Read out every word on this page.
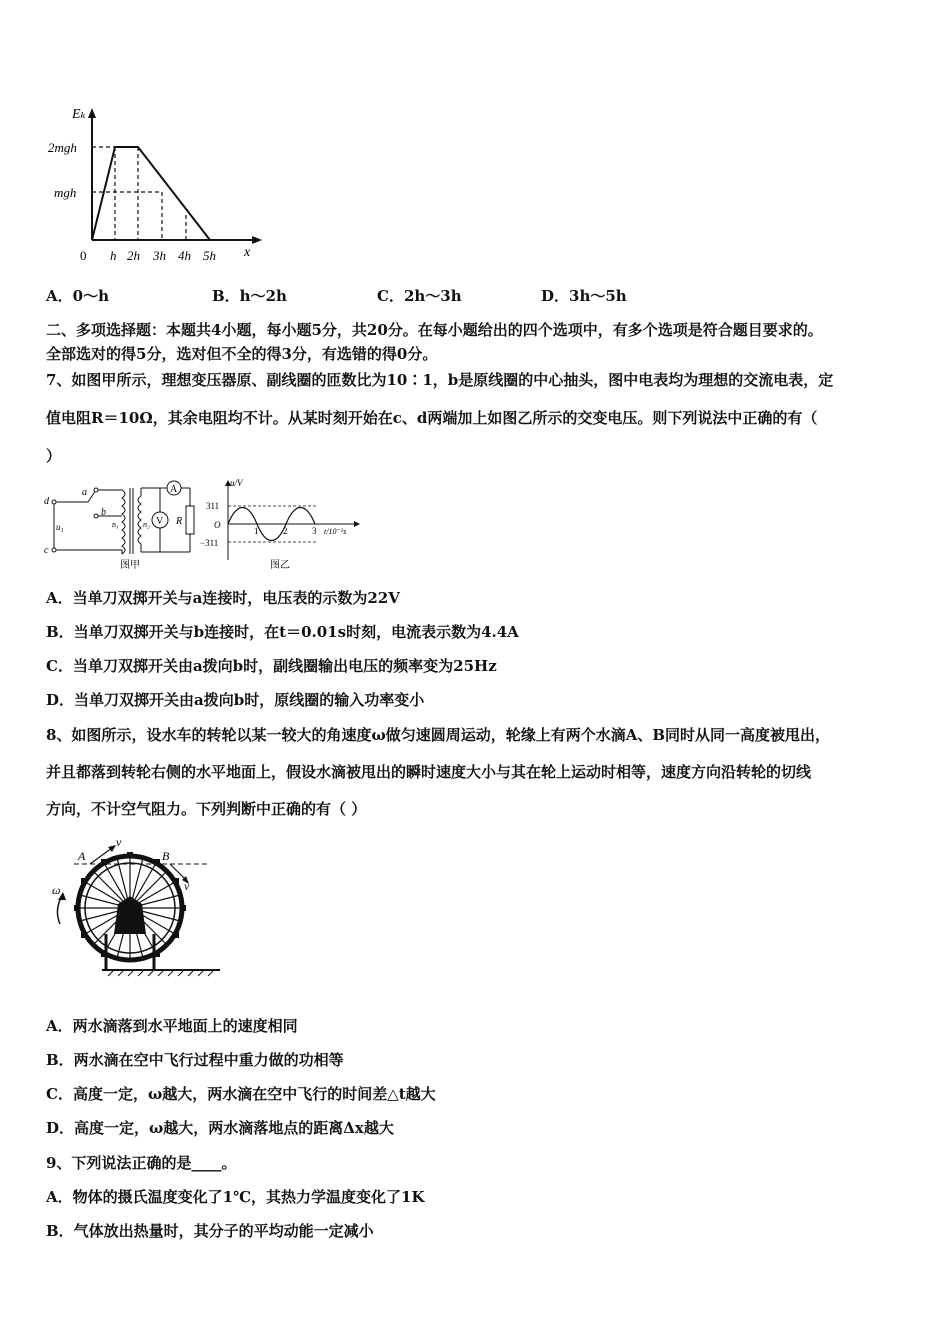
Eₖ
2mgh
mgh
x
0 h 2h 3h 4h 5h
A．0～h	B．h～2h	C．2h～3h	D．3h～5h
二、多项选择题：本题共4小题，每小题5分，共20分。在每小题给出的四个选项中，有多个选项是符合题目要求的。
全部选对的得5分，选对但不全的得3分，有选错的得0分。
7、如图甲所示，理想变压器原、副线圈的匝数比为10∶1，b是原线圈的中心抽头，图中电表均为理想的交流电表，定
值电阻R＝10Ω，其余电阻均不计。从某时刻开始在c、d两端加上如图乙所示的交变电压。则下列说法中正确的有（
）
A
V R
d
a
b
u₁
c
n₁	n₂
图甲
u/V
311
O
−311
1	2	3 t/10⁻²s
图乙
A．当单刀双掷开关与a连接时，电压表的示数为22V
B．当单刀双掷开关与b连接时，在t＝0.01s时刻，电流表示数为4.4A
C．当单刀双掷开关由a拨向b时，副线圈输出电压的频率变为25Hz
D．当单刀双掷开关由a拨向b时，原线圈的输入功率变小
8、如图所示，设水车的转轮以某一较大的角速度ω做匀速圆周运动，轮缘上有两个水滴A、B同时从同一高度被甩出，
并且都落到转轮右侧的水平地面上，假设水滴被甩出的瞬时速度大小与其在轮上运动时相等，速度方向沿转轮的切线
方向，不计空气阻力。下列判断中正确的有（ ）
A	B
v
v
ω
A．两水滴落到水平地面上的速度相同
B．两水滴在空中飞行过程中重力做的功相等
C．高度一定，ω越大，两水滴在空中飞行的时间差△t越大
D．高度一定，ω越大，两水滴落地点的距离Δx越大
9、下列说法正确的是____。
A．物体的摄氏温度变化了1℃，其热力学温度变化了1K
B．气体放出热量时，其分子的平均动能一定减小
